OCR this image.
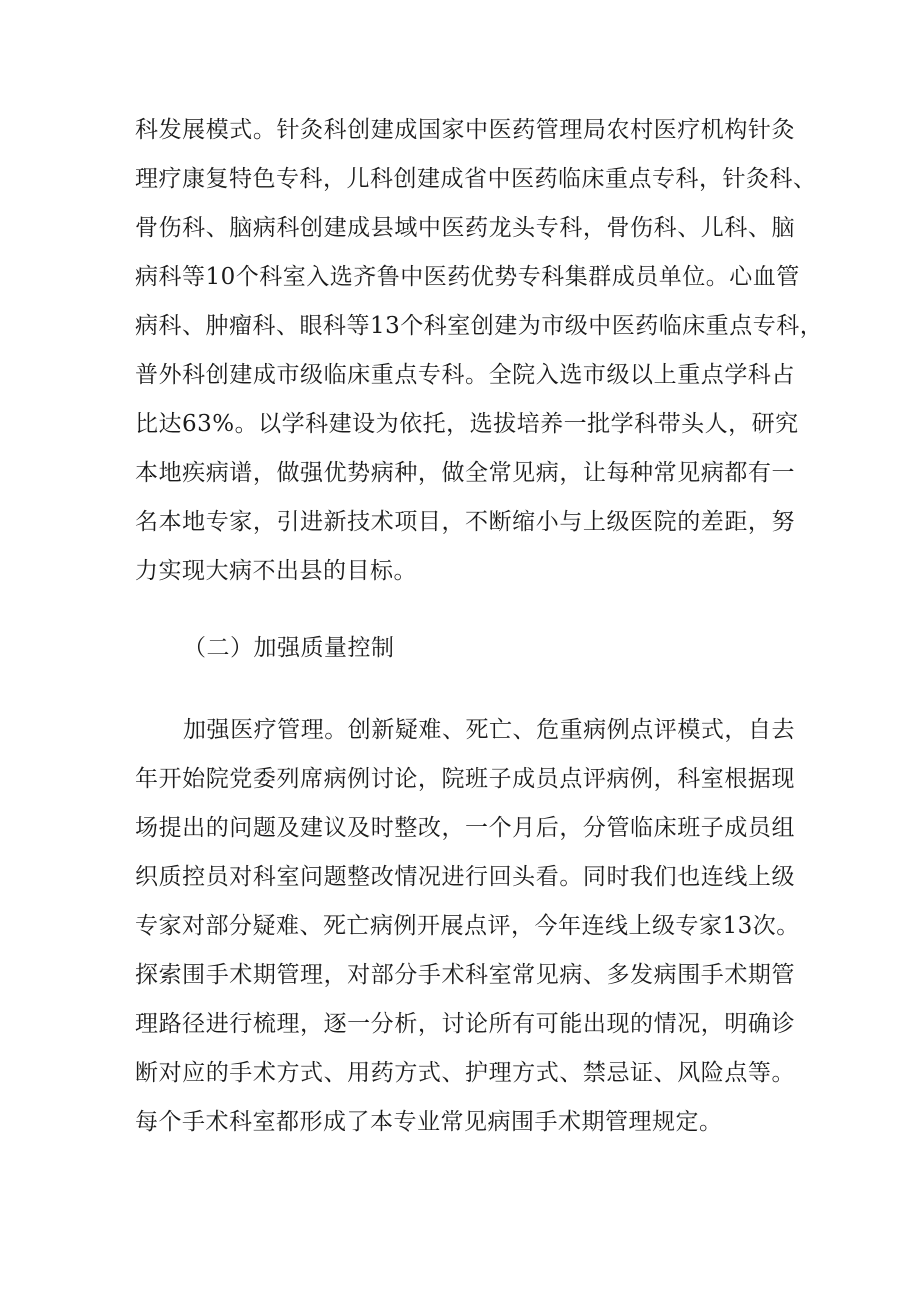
科发展模式。针灸科创建成国家中医药管理局农村医疗机构针灸
理疗康复特色专科，儿科创建成省中医药临床重点专科，针灸科、
骨伤科、脑病科创建成县域中医药龙头专科，骨伤科、儿科、脑
病科等10个科室入选齐鲁中医药优势专科集群成员单位。心血管
病科、肿瘤科、眼科等13个科室创建为市级中医药临床重点专科，
普外科创建成市级临床重点专科。全院入选市级以上重点学科占
比达63%。以学科建设为依托，选拔培养一批学科带头人，研究
本地疾病谱，做强优势病种，做全常见病，让每种常见病都有一
名本地专家，引进新技术项目，不断缩小与上级医院的差距，努
力实现大病不出县的目标。
（二）加强质量控制
加强医疗管理。创新疑难、死亡、危重病例点评模式，自去
年开始院党委列席病例讨论，院班子成员点评病例，科室根据现
场提出的问题及建议及时整改，一个月后，分管临床班子成员组
织质控员对科室问题整改情况进行回头看。同时我们也连线上级
专家对部分疑难、死亡病例开展点评，今年连线上级专家13次。
探索围手术期管理，对部分手术科室常见病、多发病围手术期管
理路径进行梳理，逐一分析，讨论所有可能出现的情况，明确诊
断对应的手术方式、用药方式、护理方式、禁忌证、风险点等。
每个手术科室都形成了本专业常见病围手术期管理规定。
